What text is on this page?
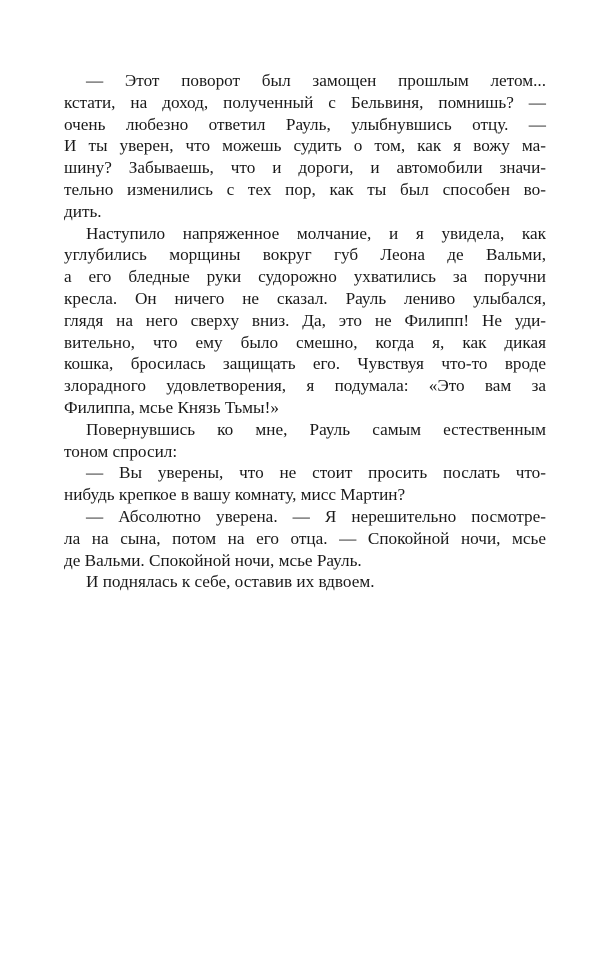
— Этот поворот был замощен прошлым летом...
кстати, на доход, полученный с Бельвиня, помнишь? —
очень любезно ответил Рауль, улыбнувшись отцу. —
И ты уверен, что можешь судить о том, как я вожу ма-
шину? Забываешь, что и дороги, и автомобили значи-
тельно изменились с тех пор, как ты был способен во-
дить.
Наступило напряженное молчание, и я увидела, как
углубились морщины вокруг губ Леона де Вальми,
а его бледные руки судорожно ухватились за поручни
кресла. Он ничего не сказал. Рауль лениво улыбался,
глядя на него сверху вниз. Да, это не Филипп! Не уди-
вительно, что ему было смешно, когда я, как дикая
кошка, бросилась защищать его. Чувствуя что-то вроде
злорадного удовлетворения, я подумала: «Это вам за
Филиппа, мсье Князь Тьмы!»
Повернувшись ко мне, Рауль самым естественным
тоном спросил:
— Вы уверены, что не стоит просить послать что-
нибудь крепкое в вашу комнату, мисс Мартин?
— Абсолютно уверена. — Я нерешительно посмотре-
ла на сына, потом на его отца. — Спокойной ночи, мсье
де Вальми. Спокойной ночи, мсье Рауль.
И поднялась к себе, оставив их вдвоем.
